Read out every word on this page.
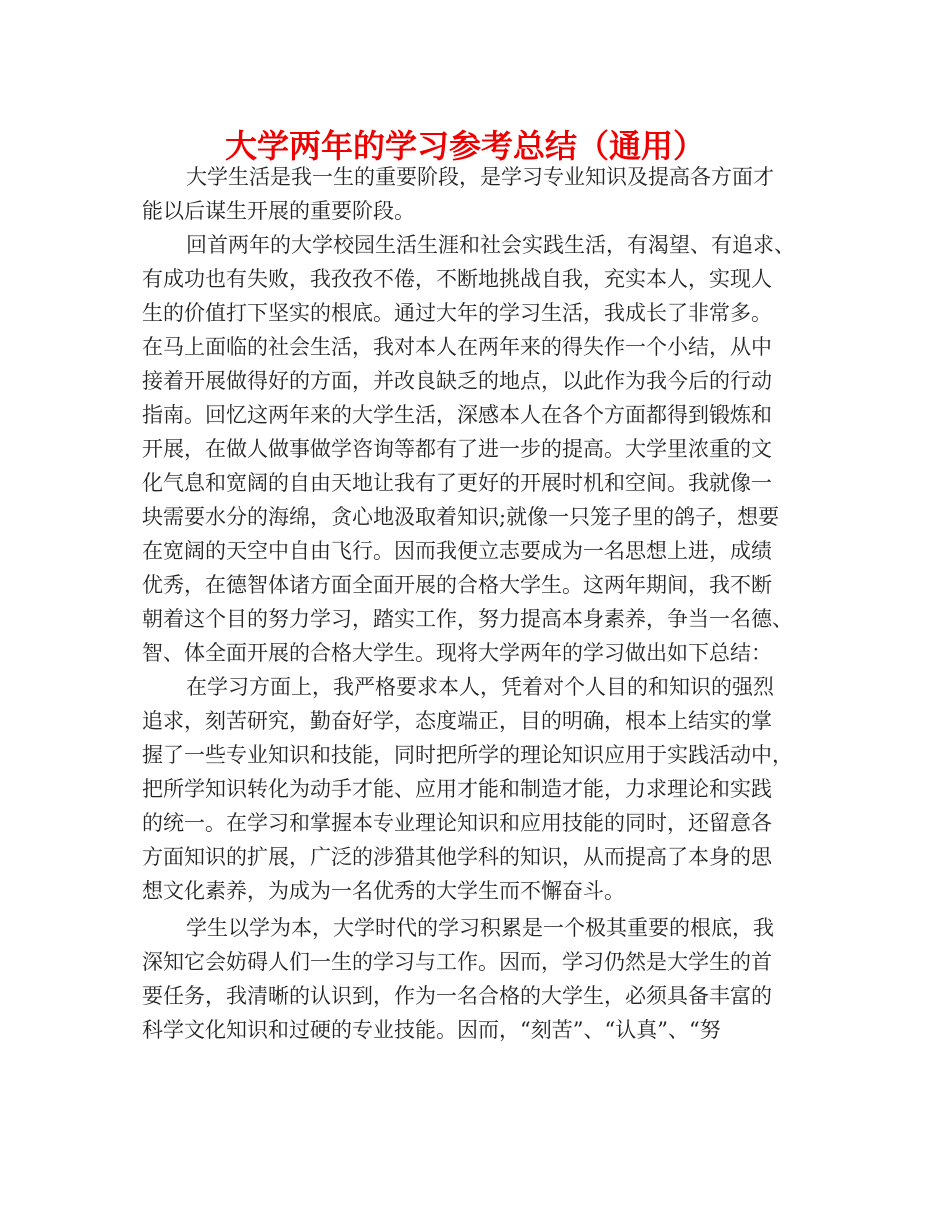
大学两年的学习参考总结（通用）
大学生活是我一生的重要阶段，是学习专业知识及提高各方面才
能以后谋生开展的重要阶段。
回首两年的大学校园生活生涯和社会实践生活，有渴望、有追求、
有成功也有失败，我孜孜不倦，不断地挑战自我，充实本人，实现人
生的价值打下坚实的根底。通过大年的学习生活，我成长了非常多。
在马上面临的社会生活，我对本人在两年来的得失作一个小结，从中
接着开展做得好的方面，并改良缺乏的地点，以此作为我今后的行动
指南。回忆这两年来的大学生活，深感本人在各个方面都得到锻炼和
开展，在做人做事做学咨询等都有了进一步的提高。大学里浓重的文
化气息和宽阔的自由天地让我有了更好的开展时机和空间。我就像一
块需要水分的海绵，贪心地汲取着知识;就像一只笼子里的鸽子，想要
在宽阔的天空中自由飞行。因而我便立志要成为一名思想上进，成绩
优秀，在德智体诸方面全面开展的合格大学生。这两年期间，我不断
朝着这个目的努力学习，踏实工作，努力提高本身素养，争当一名德、
智、体全面开展的合格大学生。现将大学两年的学习做出如下总结：
在学习方面上，我严格要求本人，凭着对个人目的和知识的强烈
追求，刻苦研究，勤奋好学，态度端正，目的明确，根本上结实的掌
握了一些专业知识和技能，同时把所学的理论知识应用于实践活动中，
把所学知识转化为动手才能、应用才能和制造才能，力求理论和实践
的统一。在学习和掌握本专业理论知识和应用技能的同时，还留意各
方面知识的扩展，广泛的涉猎其他学科的知识，从而提高了本身的思
想文化素养，为成为一名优秀的大学生而不懈奋斗。
学生以学为本，大学时代的学习积累是一个极其重要的根底，我
深知它会妨碍人们一生的学习与工作。因而，学习仍然是大学生的首
要任务，我清晰的认识到，作为一名合格的大学生，必须具备丰富的
科学文化知识和过硬的专业技能。因而，“刻苦”、“认真”、“努
